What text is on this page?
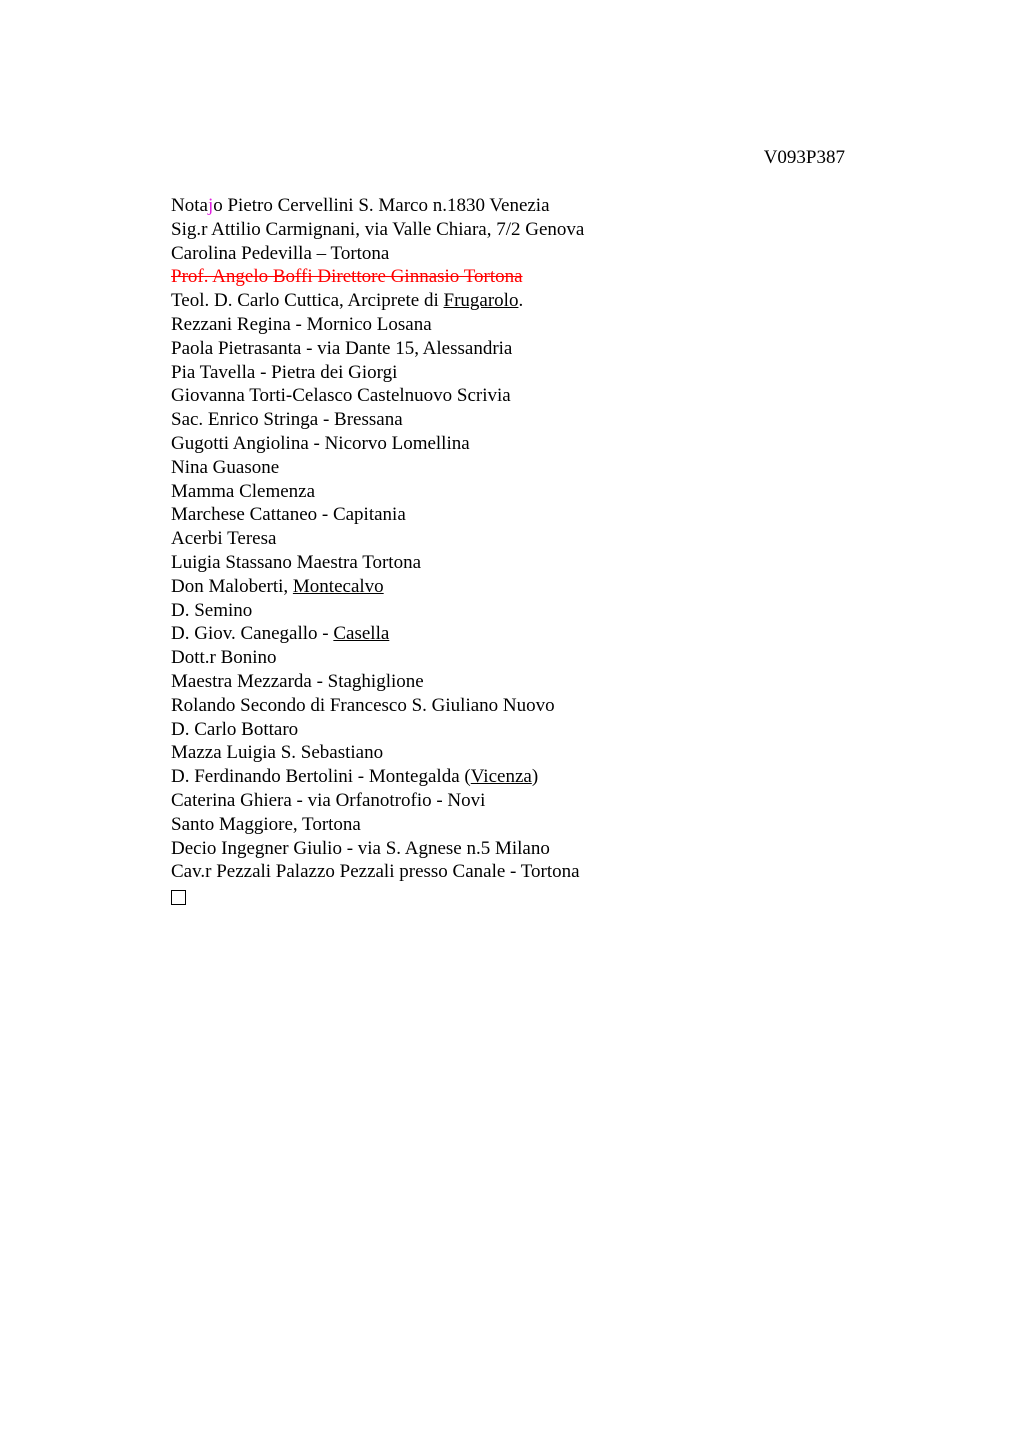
V093P387
Notajo Pietro Cervellini S. Marco n.1830 Venezia
Sig.r Attilio Carmignani, via Valle Chiara, 7/2 Genova
Carolina Pedevilla – Tortona
Prof. Angelo Boffi Direttore Ginnasio Tortona
Teol. D. Carlo Cuttica, Arciprete di Frugarolo.
Rezzani Regina - Mornico Losana
Paola Pietrasanta - via Dante 15, Alessandria
Pia Tavella - Pietra dei Giorgi
Giovanna Torti-Celasco Castelnuovo Scrivia
Sac. Enrico Stringa - Bressana
Gugotti Angiolina - Nicorvo Lomellina
Nina Guasone
Mamma Clemenza
Marchese Cattaneo - Capitania
Acerbi Teresa
Luigia Stassano Maestra Tortona
Don Maloberti, Montecalvo
D. Semino
D. Giov. Canegallo - Casella
Dott.r Bonino
Maestra Mezzarda - Staghiglione
Rolando Secondo di Francesco S. Giuliano Nuovo
D. Carlo Bottaro
Mazza Luigia S. Sebastiano
D. Ferdinando Bertolini - Montegalda (Vicenza)
Caterina Ghiera - via Orfanotrofio - Novi
Santo Maggiore, Tortona
Decio Ingegner Giulio - via S. Agnese n.5 Milano
Cav.r Pezzali Palazzo Pezzali presso Canale - Tortona
